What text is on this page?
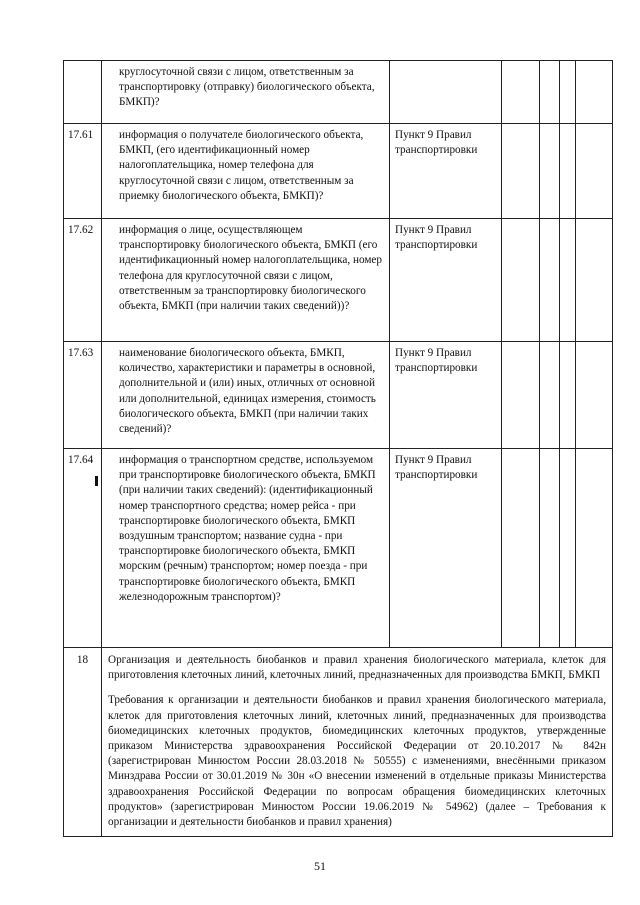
	круглосуточной связи с лицом, ответственным за транспортировку (отправку) биологического объекта, БМКП)?					
17.61	информация о получателе биологического объекта, БМКП, (его идентификационный номер налогоплательщика, номер телефона для круглосуточной связи с лицом, ответственным за приемку биологического объекта, БМКП)?	Пункт 9 Правил транспортировки				
17.62	информация о лице, осуществляющем транспортировку биологического объекта, БМКП (его идентификационный номер налогоплательщика, номер телефона для круглосуточной связи с лицом, ответственным за транспортировку биологического объекта, БМКП (при наличии таких сведений))?	Пункт 9 Правил транспортировки				
17.63	наименование биологического объекта, БМКП, количество, характеристики и параметры в основной, дополнительной и (или) иных, отличных от основной или дополнительной, единицах измерения, стоимость биологического объекта, БМКП (при наличии таких сведений)?	Пункт 9 Правил транспортировки				
17.64	информация о транспортном средстве, используемом при транспортировке биологического объекта, БМКП (при наличии таких сведений): (идентификационный номер транспортного средства; номер рейса - при транспортировке биологического объекта, БМКП воздушным транспортом; название судна - при транспортировке биологического объекта, БМКП морским (речным) транспортом; номер поезда - при транспортировке биологического объекта, БМКП железнодорожным транспортом)?	Пункт 9 Правил транспортировки				
18	Организация и деятельность биобанков и правил хранения биологического материала, клеток для приготовления клеточных линий, клеточных линий, предназначенных для производства БМКП, БМКП

Требования к организации и деятельности биобанков и правил хранения биологического материала, клеток для приготовления клеточных линий, клеточных линий, предназначенных для производства биомедицинских клеточных продуктов, биомедицинских клеточных продуктов, утвержденные приказом Министерства здравоохранения Российской Федерации от 20.10.2017 № 842н (зарегистрирован Минюстом России 28.03.2018 № 50555) с изменениями, внесёнными приказом Минздрава России от 30.01.2019 № 30н «О внесении изменений в отдельные приказы Министерства здравоохранения Российской Федерации по вопросам обращения биомедицинских клеточных продуктов» (зарегистрирован Минюстом России 19.06.2019 № 54962) (далее – Требования к организации и деятельности биобанков и правил хранения)					

51
